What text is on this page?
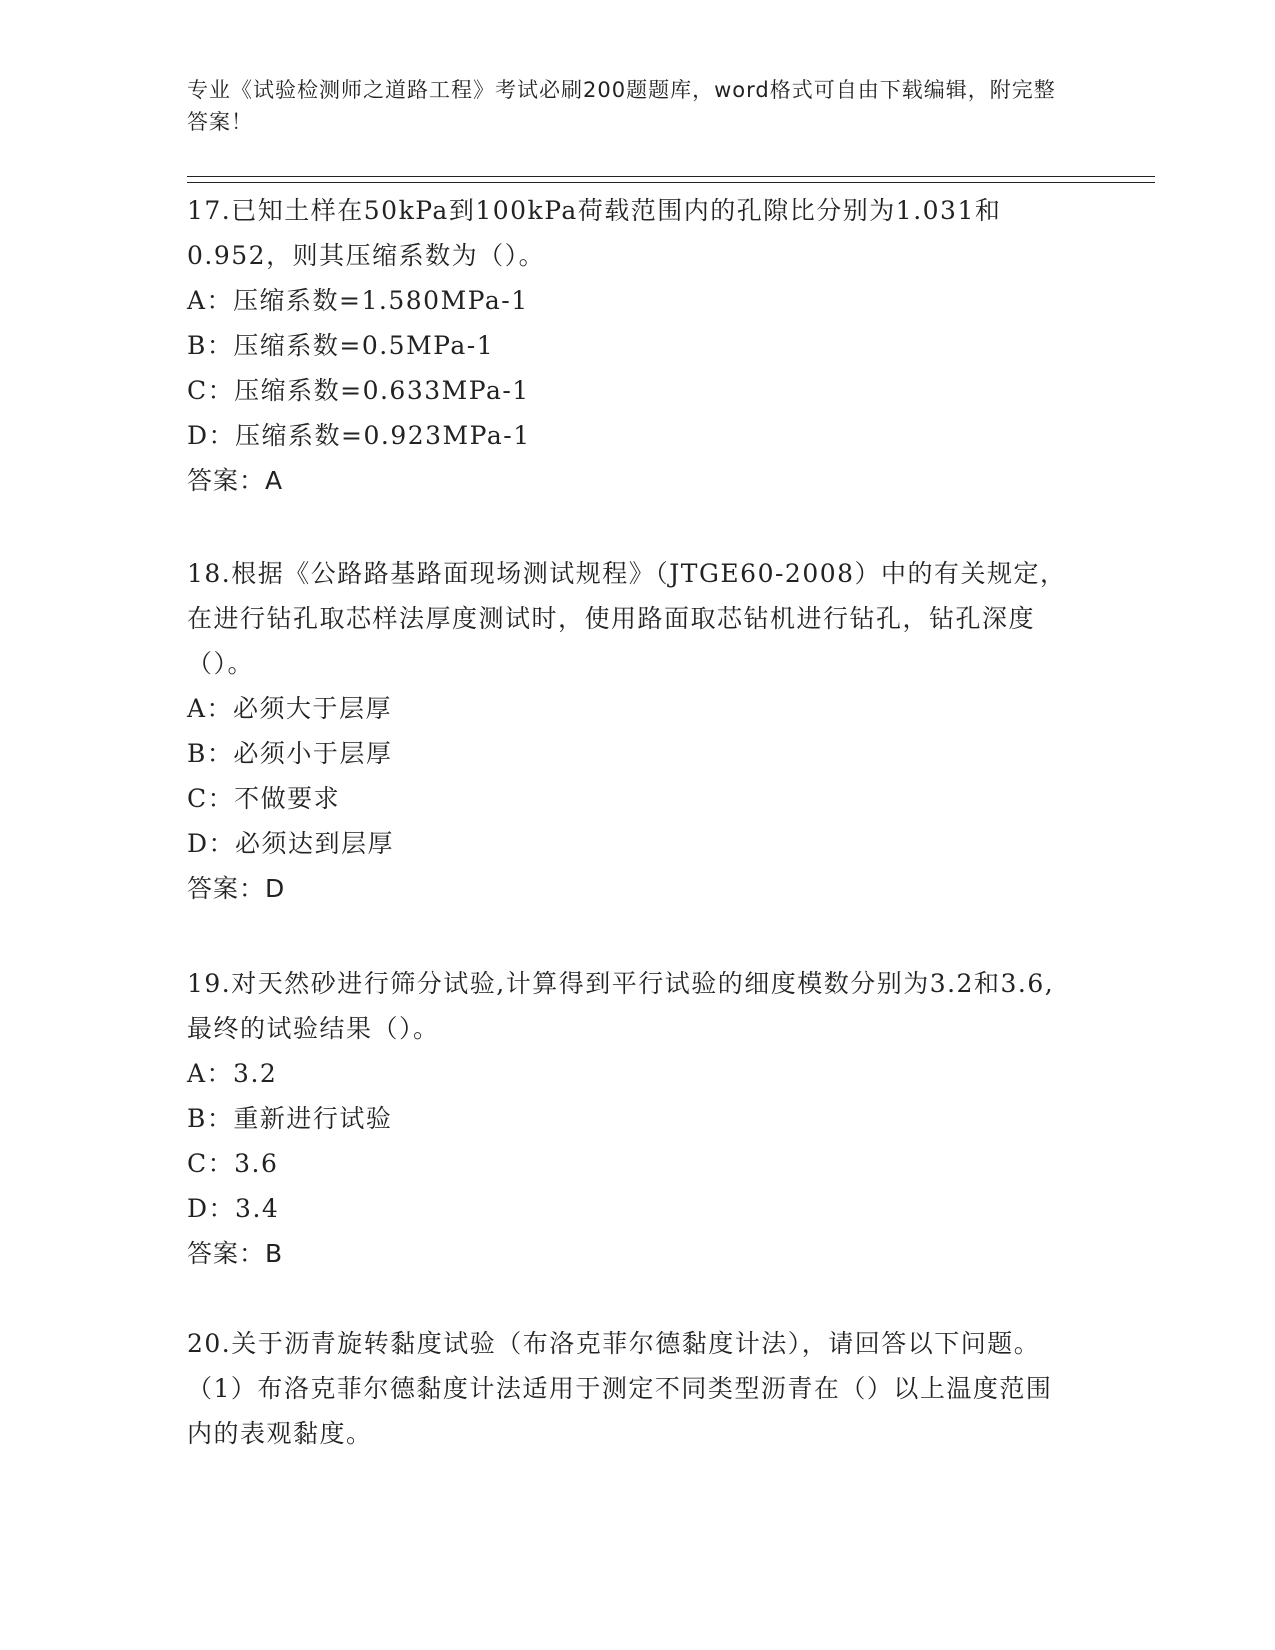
专业《试验检测师之道路工程》考试必刷200题题库，word格式可自由下载编辑，附完整答案！

17.已知土样在50kPa到100kPa荷载范围内的孔隙比分别为1.031和0.952，则其压缩系数为（）。

A：压缩系数=1.580MPa-1

B：压缩系数=0.5MPa-1

C：压缩系数=0.633MPa-1

D：压缩系数=0.923MPa-1

答案：A

18.根据《公路路基路面现场测试规程》（JTGE60-2008）中的有关规定，在进行钻孔取芯样法厚度测试时，使用路面取芯钻机进行钻孔，钻孔深度（）。

A：必须大于层厚

B：必须小于层厚

C：不做要求

D：必须达到层厚

答案：D

19.对天然砂进行筛分试验,计算得到平行试验的细度模数分别为3.2和3.6,最终的试验结果（）。

A：3.2

B：重新进行试验

C：3.6

D：3.4

答案：B

20.关于沥青旋转黏度试验（布洛克菲尔德黏度计法），请回答以下问题。（1）布洛克菲尔德黏度计法适用于测定不同类型沥青在（）以上温度范围内的表观黏度。
